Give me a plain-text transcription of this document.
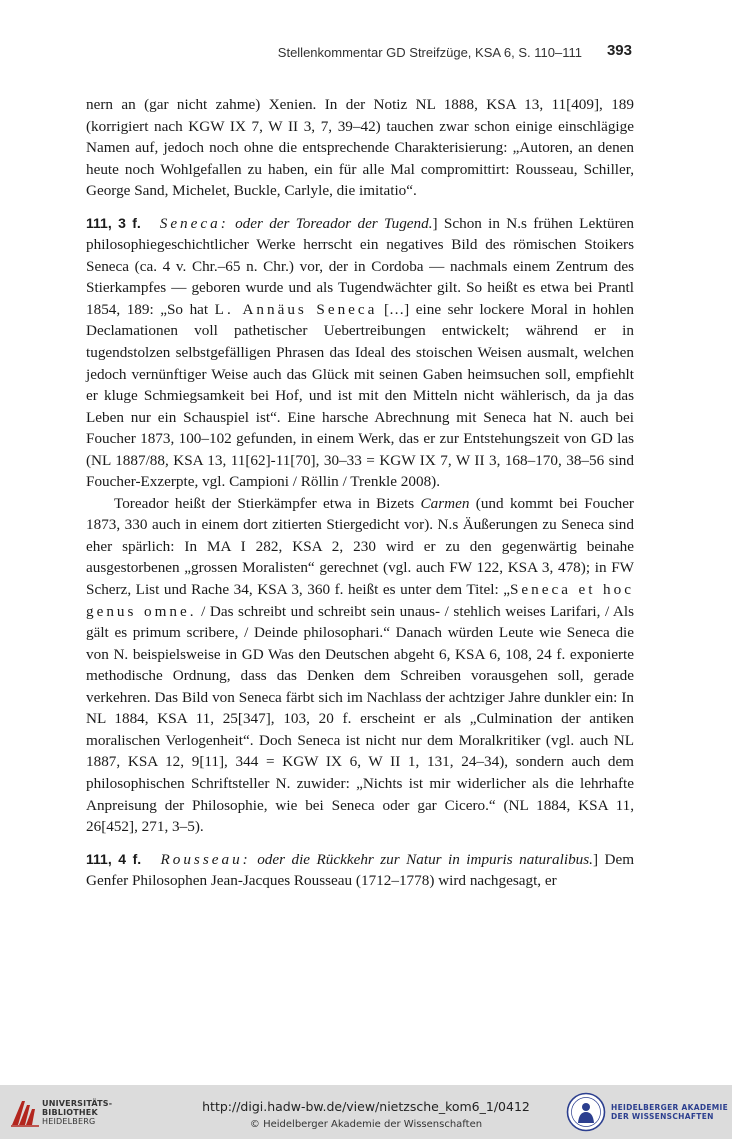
Stellenkommentar GD Streifzüge, KSA 6, S. 110–111 393

nern an (gar nicht zahme) Xenien. In der Notiz NL 1888, KSA 13, 11[409], 189 (korrigiert nach KGW IX 7, W II 3, 7, 39–42) tauchen zwar schon einige einschlägige Namen auf, jedoch noch ohne die entsprechende Charakterisierung: „Autoren, an denen heute noch Wohlgefallen zu haben, ein für alle Mal compromittirt: Rousseau, Schiller, George Sand, Michelet, Buckle, Carlyle, die imitatio“.

111, 3 f. Seneca: oder der Toreador der Tugend.] Schon in N.s frühen Lektüren philosophiegeschichtlicher Werke herrscht ein negatives Bild des römischen Stoikers Seneca (ca. 4 v. Chr.–65 n. Chr.) vor, der in Cordoba — nachmals einem Zentrum des Stierkampfes — geboren wurde und als Tugendwächter gilt. So heißt es etwa bei Prantl 1854, 189: „So hat L. Annäus Seneca […] eine sehr lockere Moral in hohlen Declamationen voll pathetischer Uebertreibungen entwickelt; während er in tugendstolzen selbstgefälligen Phrasen das Ideal des stoischen Weisen ausmalt, welchen jedoch vernünftiger Weise auch das Glück mit seinen Gaben heimsuchen soll, empfiehlt er kluge Schmiegsamkeit bei Hof, und ist mit den Mitteln nicht wählerisch, da ja das Leben nur ein Schauspiel ist“. Eine harsche Abrechnung mit Seneca hat N. auch bei Foucher 1873, 100–102 gefunden, in einem Werk, das er zur Entstehungszeit von GD las (NL 1887/88, KSA 13, 11[62]-11[70], 30–33 = KGW IX 7, W II 3, 168–170, 38–56 sind Foucher-Exzerpte, vgl. Campioni / Röllin / Trenkle 2008).

Toreador heißt der Stierkämpfer etwa in Bizets Carmen (und kommt bei Foucher 1873, 330 auch in einem dort zitierten Stiergedicht vor). N.s Äußerungen zu Seneca sind eher spärlich: In MA I 282, KSA 2, 230 wird er zu den gegenwärtig beinahe ausgestorbenen „grossen Moralisten“ gerechnet (vgl. auch FW 122, KSA 3, 478); in FW Scherz, List und Rache 34, KSA 3, 360 f. heißt es unter dem Titel: „Seneca et hoc genus omne. / Das schreibt und schreibt sein unaus- / stehlich weises Larifari, / Als gält es primum scribere, / Deinde philosophari.“ Danach würden Leute wie Seneca die von N. beispielsweise in GD Was den Deutschen abgeht 6, KSA 6, 108, 24 f. exponierte methodische Ordnung, dass das Denken dem Schreiben vorausgehen soll, gerade verkehren. Das Bild von Seneca färbt sich im Nachlass der achtziger Jahre dunkler ein: In NL 1884, KSA 11, 25[347], 103, 20 f. erscheint er als „Culmination der antiken moralischen Verlogenheit“. Doch Seneca ist nicht nur dem Moralkritiker (vgl. auch NL 1887, KSA 12, 9[11], 344 = KGW IX 6, W II 1, 131, 24–34), sondern auch dem philosophischen Schriftsteller N. zuwider: „Nichts ist mir widerlicher als die lehrhafte Anpreisung der Philosophie, wie bei Seneca oder gar Cicero.“ (NL 1884, KSA 11, 26[452], 271, 3–5).

111, 4 f. Rousseau: oder die Rückkehr zur Natur in impuris naturalibus.] Dem Genfer Philosophen Jean-Jacques Rousseau (1712–1778) wird nachgesagt, er

UNIVERSITÄTS-
BIBLIOTHEK
HEIDELBERG
http://digi.hadw-bw.de/view/nietzsche_kom6_1/0412
© Heidelberger Akademie der Wissenschaften
HEIDELBERGER AKADEMIE
DER WISSENSCHAFTEN
